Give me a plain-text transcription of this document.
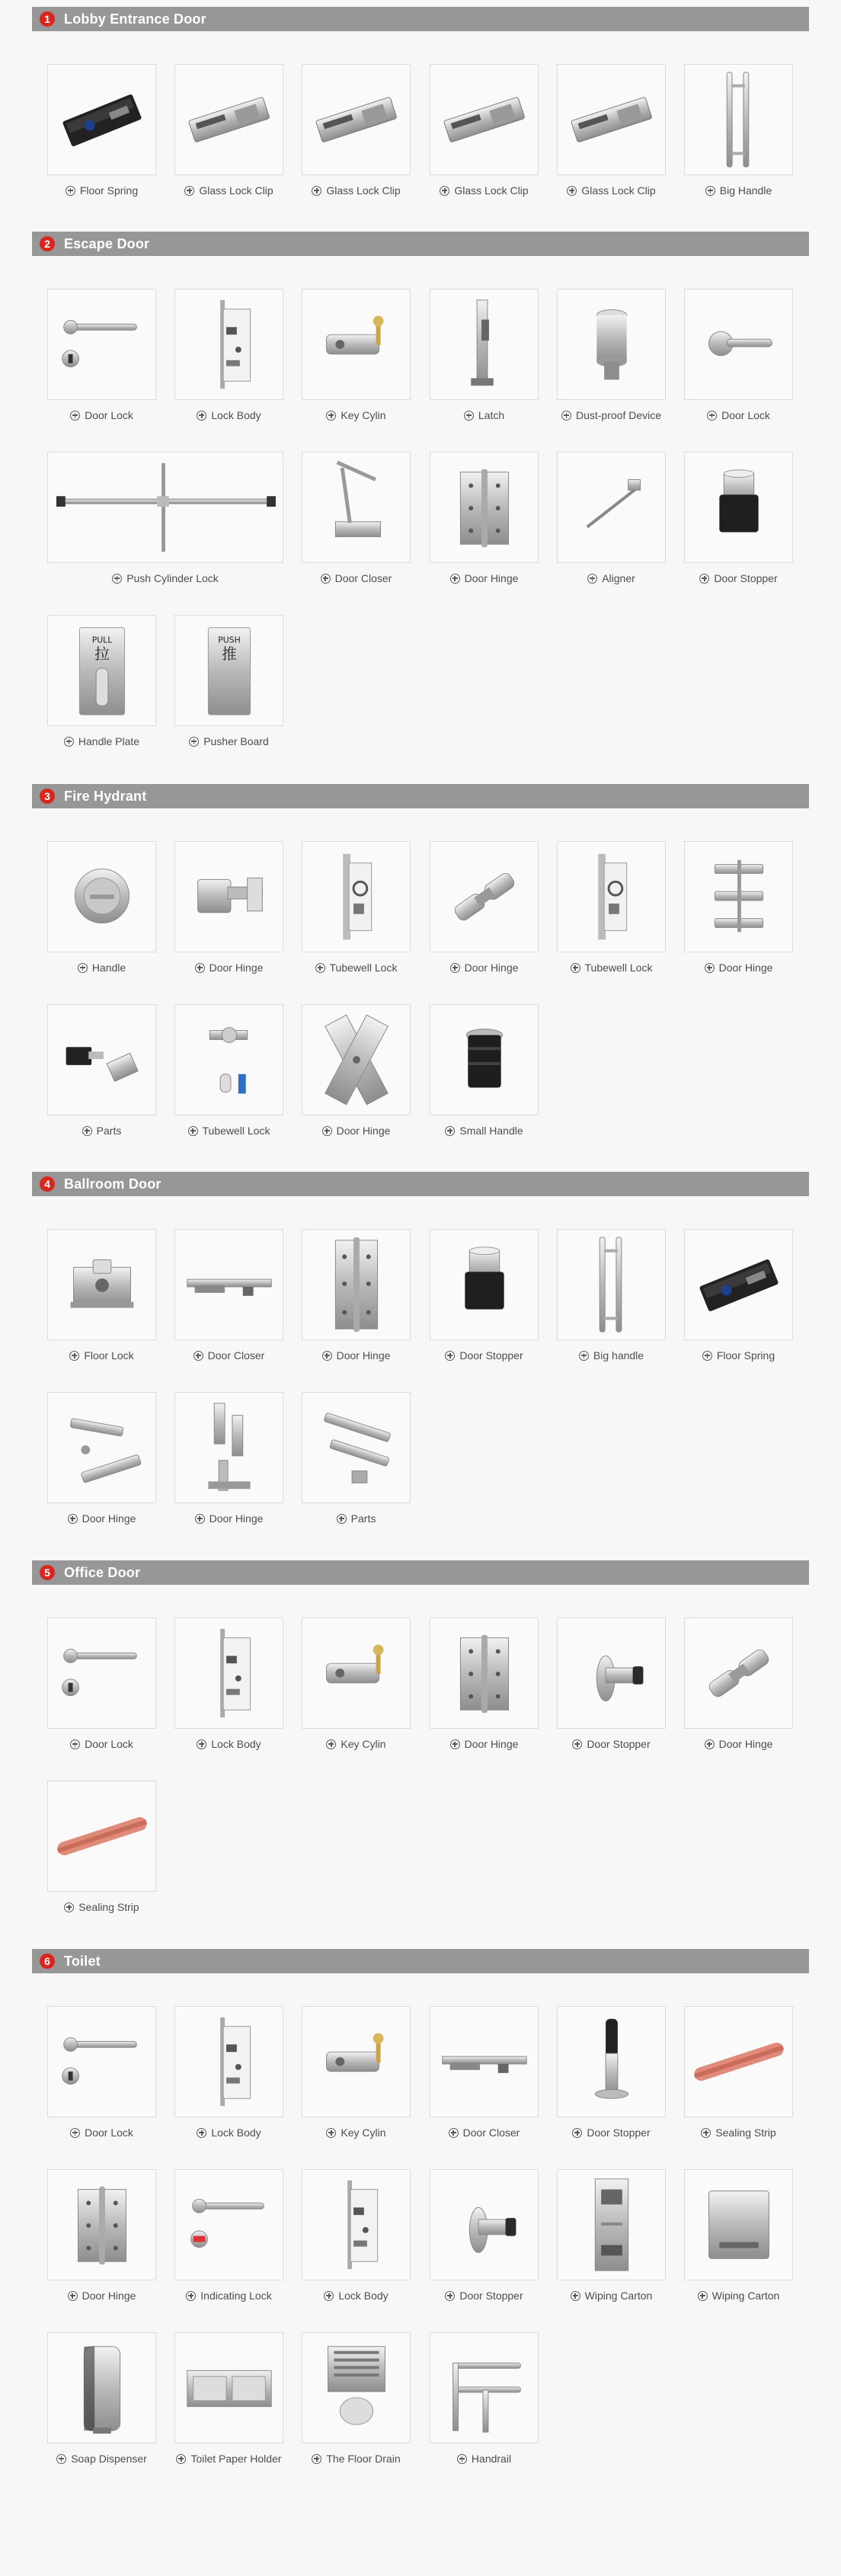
1	Lobby Entrance Door
Floor Spring	Glass Lock Clip	Glass Lock Clip	Glass Lock Clip	Glass Lock Clip	Big Handle
2	Escape Door
Door Lock	Lock Body	Key Cylin	Latch	Dust-proof Device	Door Lock
Push Cylinder Lock	Door Closer	Door Hinge	Aligner	Door Stopper
PULL
拉
Handle Plate
PUSH
推
Pusher Board
3	Fire Hydrant
Handle	Door Hinge	Tubewell Lock	Door Hinge	Tubewell Lock	Door Hinge
Parts	Tubewell Lock	Door Hinge	Small Handle
4	Ballroom Door
Floor Lock	Door Closer	Door Hinge	Door Stopper	Big handle	Floor Spring
Door Hinge	Door Hinge	Parts
5	Office Door
Door Lock	Lock Body	Key Cylin	Door Hinge	Door Stopper	Door Hinge
Sealing Strip
6	Toilet
Door Lock	Lock Body	Key Cylin	Door Closer	Door Stopper	Sealing Strip
Door Hinge	Indicating Lock	Lock Body	Door Stopper	Wiping Carton	Wiping Carton
Soap Dispenser	Toilet Paper Holder	The Floor Drain	Handrail
